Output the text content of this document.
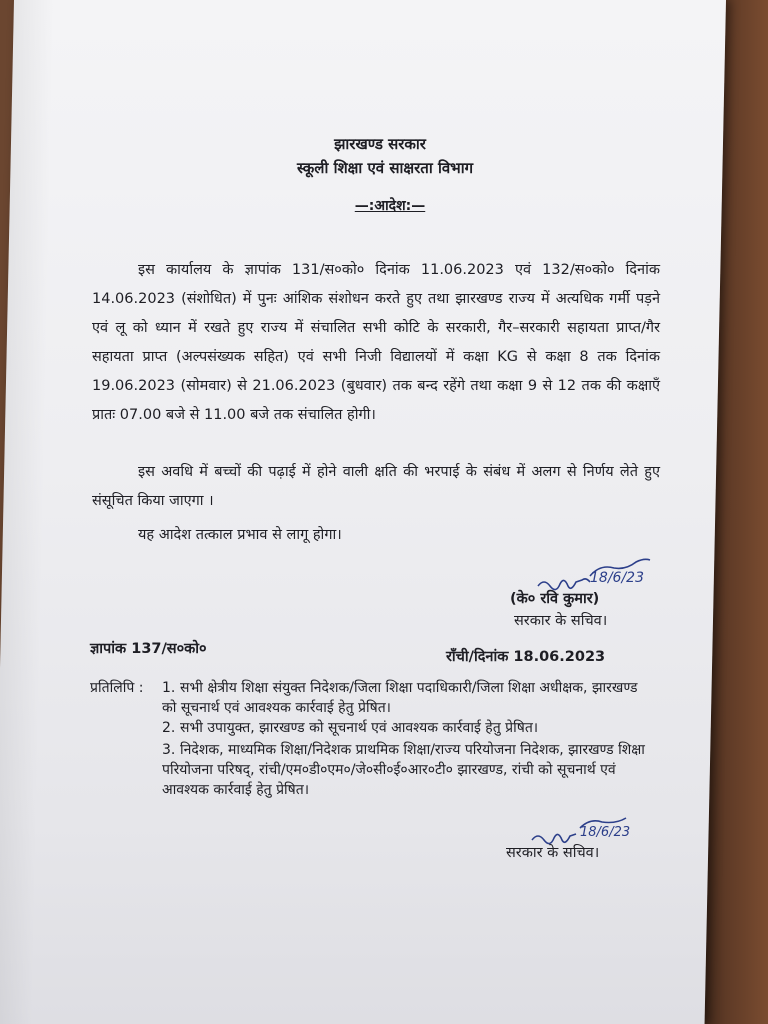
झारखण्ड सरकार
स्कूली शिक्षा एवं साक्षरता विभाग
—:आदेश:—
इस कार्यालय के ज्ञापांक 131/स०को० दिनांक 11.06.2023 एवं 132/स०को० दिनांक 14.06.2023 (संशोधित) में पुनः आंशिक संशोधन करते हुए तथा झारखण्ड राज्य में अत्यधिक गर्मी पड़ने एवं लू को ध्यान में रखते हुए राज्य में संचालित सभी कोटि के सरकारी, गैर–सरकारी सहायता प्राप्त/गैर सहायता प्राप्त (अल्पसंख्यक सहित) एवं सभी निजी विद्यालयों में कक्षा KG से कक्षा 8 तक दिनांक 19.06.2023 (सोमवार) से 21.06.2023 (बुधवार) तक बन्द रहेंगे तथा कक्षा 9 से 12 तक की कक्षाएँ प्रातः 07.00 बजे से 11.00 बजे तक संचालित होगी।
इस अवधि में बच्चों की पढ़ाई में होने वाली क्षति की भरपाई के संबंध में अलग से निर्णय लेते हुए संसूचित किया जाएगा ।
यह आदेश तत्काल प्रभाव से लागू होगा।
18/6/23
(के० रवि कुमार)
सरकार के सचिव।
ज्ञापांक 137/स०को०	राँची/दिनांक 18.06.2023
प्रतिलिपि : 1. सभी क्षेत्रीय शिक्षा संयुक्त निदेशक/जिला शिक्षा पदाधिकारी/जिला शिक्षा अधीक्षक, झारखण्ड को सूचनार्थ एवं आवश्यक कार्रवाई हेतु प्रेषित।
2. सभी उपायुक्त, झारखण्ड को सूचनार्थ एवं आवश्यक कार्रवाई हेतु प्रेषित।
3. निदेशक, माध्यमिक शिक्षा/निदेशक प्राथमिक शिक्षा/राज्य परियोजना निदेशक, झारखण्ड शिक्षा परियोजना परिषद्, रांची/एम०डी०एम०/जे०सी०ई०आर०टी० झारखण्ड, रांची को सूचनार्थ एवं आवश्यक कार्रवाई हेतु प्रेषित।
18/6/23
सरकार के सचिव।
